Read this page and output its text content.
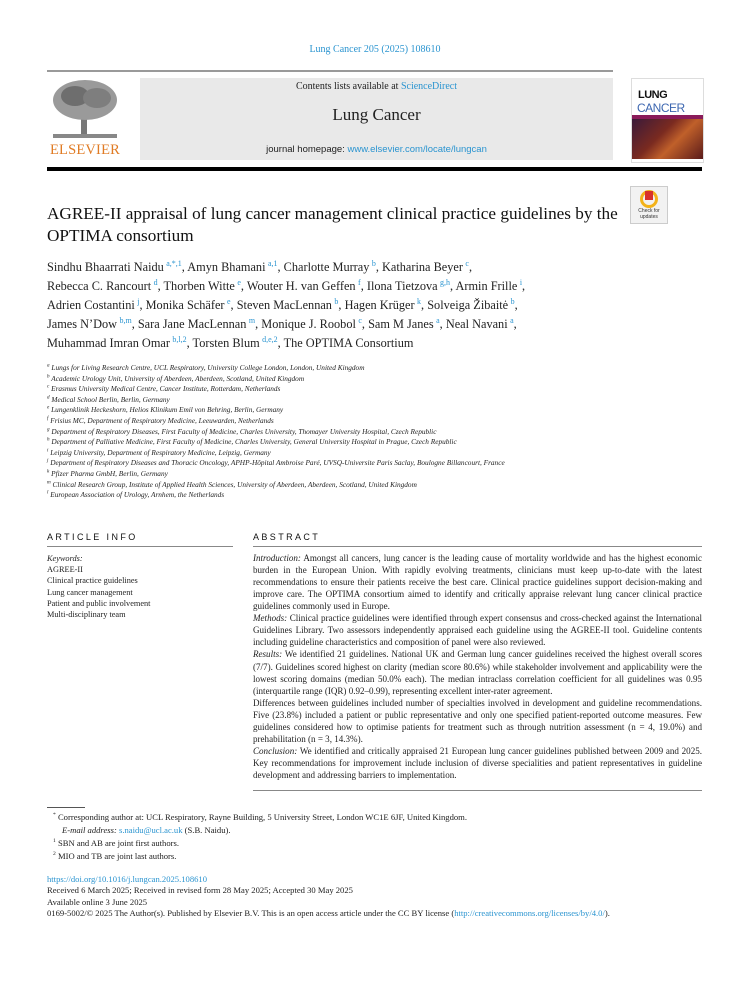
Lung Cancer 205 (2025) 108610
ELSEVIER
Contents lists available at ScienceDirect
Lung Cancer
journal homepage: www.elsevier.com/locate/lungcan
LUNG
CANCER
Check for updates
AGREE-II appraisal of lung cancer management clinical practice guidelines by the OPTIMA consortium
Sindhu Bhaarrati Naidu  $^{a,*,1}$, Amyn Bhamani  $^{a,1}$, Charlotte Murray  $^b$, Katharina Beyer  $^c$,
Rebecca C. Rancourt  $^d$, Thorben Witte  $^e$, Wouter H. van Geffen  $^f$, Ilona Tietzova  $^{g,h}$, Armin Frille  $^i$,
Adrien Costantini  $^j$, Monika Schäfer  $^e$, Steven MacLennan  $^b$, Hagen Krüger  $^k$, Solveiga Žibaitė  $^b$,
James N’Dow  $^{b,m}$, Sara Jane MacLennan  $^m$, Monique J. Roobol  $^c$, Sam M Janes  $^a$, Neal Navani  $^a$,
Muhammad Imran Omar  $^{b,l,2}$, Torsten Blum  $^{d,e,2}$, The OPTIMA Consortium
$^a$ Lungs for Living Research Centre, UCL Respiratory, University College London, London, United Kingdom
$^b$ Academic Urology Unit, University of Aberdeen, Aberdeen, Scotland, United Kingdom
$^c$ Erasmus University Medical Centre, Cancer Institute, Rotterdam, Netherlands
$^d$ Medical School Berlin, Berlin, Germany
$^e$ Lungenklinik Heckeshorn, Helios Klinikum Emil von Behring, Berlin, Germany
$^f$ Frisius MC, Department of Respiratory Medicine, Leeuwarden, Netherlands
$^g$ Department of Respiratory Diseases, First Faculty of Medicine, Charles University, Thomayer University Hospital, Czech Republic
$^h$ Department of Palliative Medicine, First Faculty of Medicine, Charles University, General University Hospital in Prague, Czech Republic
$^i$ Leipzig University, Department of Respiratory Medicine, Leipzig, Germany
$^j$ Department of Respiratory Diseases and Thoracic Oncology, APHP-Hôpital Ambroise Paré, UVSQ-Universite Paris Saclay, Boulogne Billancourt, France
$^k$ Pfizer Pharma GmbH, Berlin, Germany
$^m$ Clinical Research Group, Institute of Applied Health Sciences, University of Aberdeen, Aberdeen, Scotland, United Kingdom
$^l$ European Association of Urology, Arnhem, the Netherlands
ARTICLE INFO
Keywords:
AGREE-II
Clinical practice guidelines
Lung cancer management
Patient and public involvement
Multi-disciplinary team
ABSTRACT

Introduction: Amongst all cancers, lung cancer is the leading cause of mortality worldwide and has the highest economic burden in the European Union. With rapidly evolving treatments, clinicians must keep up-to-date with the latest recommendations to ensure their patients receive the best care. Clinical practice guidelines support decision-making and improve care. The OPTIMA consortium aimed to identify and critically appraise relevant lung cancer clinical practice guidelines commonly used in Europe.

Methods: Clinical practice guidelines were identified through expert consensus and cross-checked against the International Guidelines Library. Two assessors independently appraised each guideline using the AGREE-II tool. Guideline contents including guideline characteristics and composition of panel were also reviewed.

Results: We identified 21 guidelines. National UK and German lung cancer guidelines received the highest overall scores (7/7). Guidelines scored highest on clarity (median score 80.6%) while stakeholder involvement and applicability were the lowest scoring domains (median 50.0% each). The median intraclass correlation coefficient for all guidelines was 0.95 (interquartile range (IQR) 0.92–0.99), representing excellent inter-rater agreement.

Differences between guidelines included number of specialties involved in development and guideline recommendations. Five (23.8%) included a patient or public representative and only one specified patient-reported outcome measures. Few guidelines considered how to optimise patients for treatment such as through nutrition assessment (n = 4, 19.0%) and prehabilitation (n = 3, 14.3%).

Conclusion: We identified and critically appraised 21 European lung cancer guidelines published between 2009 and 2025. Key recommendations for improvement include inclusion of diverse specialities and patient representatives in guideline development and addressing barriers to implementation.

* Corresponding author at: UCL Respiratory, Rayne Building, 5 University Street, London WC1E 6JF, United Kingdom.
E-mail address: s.naidu@ucl.ac.uk (S.B. Naidu).
$^1$ SBN and AB are joint first authors.
$^2$ MIO and TB are joint last authors.
https://doi.org/10.1016/j.lungcan.2025.108610
Received 6 March 2025; Received in revised form 28 May 2025; Accepted 30 May 2025
Available online 3 June 2025
0169-5002/© 2025 The Author(s). Published by Elsevier B.V. This is an open access article under the CC BY license (http://creativecommons.org/licenses/by/4.0/).
